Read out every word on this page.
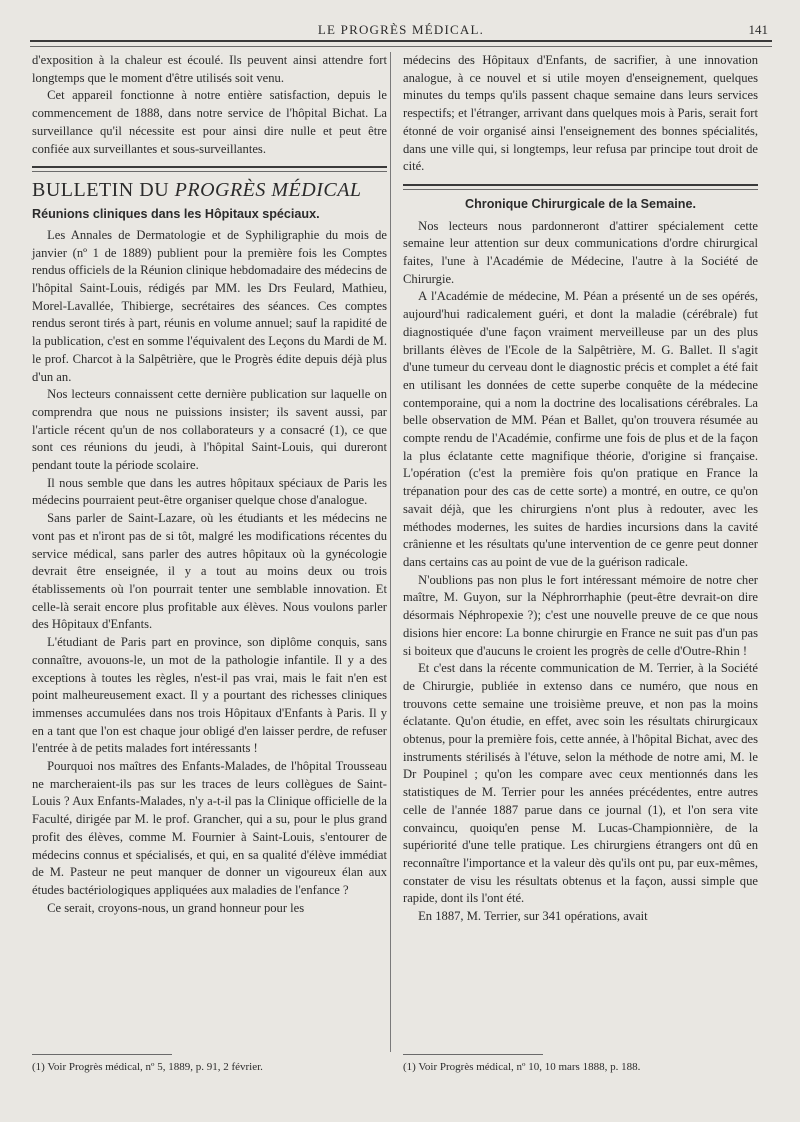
LE PROGRÈS MÉDICAL.	141

d'exposition à la chaleur est écoulé. Ils peuvent ainsi attendre fort longtemps que le moment d'être utilisés soit venu.

Cet appareil fonctionne à notre entière satisfaction, depuis le commencement de 1888, dans notre service de l'hôpital Bichat. La surveillance qu'il nécessite est pour ainsi dire nulle et peut être confiée aux surveillantes et sous-surveillantes.

BULLETIN DU PROGRÈS MÉDICAL
Réunions cliniques dans les Hôpitaux spéciaux.

Les Annales de Dermatologie et de Syphiligraphie du mois de janvier (nº 1 de 1889) publient pour la première fois les Comptes rendus officiels de la Réunion clinique hebdomadaire des médecins de l'hôpital Saint-Louis, rédigés par MM. les Drs Feulard, Mathieu, Morel-Lavallée, Thibierge, secrétaires des séances. Ces comptes rendus seront tirés à part, réunis en volume annuel; sauf la rapidité de la publication, c'est en somme l'équivalent des Leçons du Mardi de M. le prof. Charcot à la Salpêtrière, que le Progrès édite depuis déjà plus d'un an.

Nos lecteurs connaissent cette dernière publication sur laquelle on comprendra que nous ne puissions insister; ils savent aussi, par l'article récent qu'un de nos collaborateurs y a consacré (1), ce que sont ces réunions du jeudi, à l'hôpital Saint-Louis, qui dureront pendant toute la période scolaire.

Il nous semble que dans les autres hôpitaux spéciaux de Paris les médecins pourraient peut-être organiser quelque chose d'analogue.

Sans parler de Saint-Lazare, où les étudiants et les médecins ne vont pas et n'iront pas de si tôt, malgré les modifications récentes du service médical, sans parler des autres hôpitaux où la gynécologie devrait être enseignée, il y a tout au moins deux ou trois établissements où l'on pourrait tenter une semblable innovation. Et celle-là serait encore plus profitable aux élèves. Nous voulons parler des Hôpitaux d'Enfants.

L'étudiant de Paris part en province, son diplôme conquis, sans connaître, avouons-le, un mot de la pathologie infantile. Il y a des exceptions à toutes les règles, n'est-il pas vrai, mais le fait n'en est point malheureusement exact. Il y a pourtant des richesses cliniques immenses accumulées dans nos trois Hôpitaux d'Enfants à Paris. Il y en a tant que l'on est chaque jour obligé d'en laisser perdre, de refuser l'entrée à de petits malades fort intéressants !

Pourquoi nos maîtres des Enfants-Malades, de l'hôpital Trousseau ne marcheraient-ils pas sur les traces de leurs collègues de Saint-Louis ? Aux Enfants-Malades, n'y a-t-il pas la Clinique officielle de la Faculté, dirigée par M. le prof. Grancher, qui a su, pour le plus grand profit des élèves, comme M. Fournier à Saint-Louis, s'entourer de médecins connus et spécialisés, et qui, en sa qualité d'élève immédiat de M. Pasteur ne peut manquer de donner un vigoureux élan aux études bactériologiques appliquées aux maladies de l'enfance ?

Ce serait, croyons-nous, un grand honneur pour les

médecins des Hôpitaux d'Enfants, de sacrifier, à une innovation analogue, à ce nouvel et si utile moyen d'enseignement, quelques minutes du temps qu'ils passent chaque semaine dans leurs services respectifs; et l'étranger, arrivant dans quelques mois à Paris, serait fort étonné de voir organisé ainsi l'enseignement des bonnes spécialités, dans une ville qui, si longtemps, leur refusa par principe tout droit de cité.

Chronique Chirurgicale de la Semaine.

Nos lecteurs nous pardonneront d'attirer spécialement cette semaine leur attention sur deux communications d'ordre chirurgical faites, l'une à l'Académie de Médecine, l'autre à la Société de Chirurgie.

A l'Académie de médecine, M. Péan a présenté un de ses opérés, aujourd'hui radicalement guéri, et dont la maladie (cérébrale) fut diagnostiquée d'une façon vraiment merveilleuse par un des plus brillants élèves de l'Ecole de la Salpêtrière, M. G. Ballet. Il s'agit d'une tumeur du cerveau dont le diagnostic précis et complet a été fait en utilisant les données de cette superbe conquête de la médecine contemporaine, qui a nom la doctrine des localisations cérébrales. La belle observation de MM. Péan et Ballet, qu'on trouvera résumée au compte rendu de l'Académie, confirme une fois de plus et de la façon la plus éclatante cette magnifique théorie, d'origine si française. L'opération (c'est la première fois qu'on pratique en France la trépanation pour des cas de cette sorte) a montré, en outre, ce qu'on savait déjà, que les chirurgiens n'ont plus à redouter, avec les méthodes modernes, les suites de hardies incursions dans la cavité crânienne et les résultats qu'une intervention de ce genre peut donner dans certains cas au point de vue de la guérison radicale.

N'oublions pas non plus le fort intéressant mémoire de notre cher maître, M. Guyon, sur la Néphrorrhaphie (peut-être devrait-on dire désormais Néphropexie ?); c'est une nouvelle preuve de ce que nous disions hier encore: La bonne chirurgie en France ne suit pas d'un pas si boiteux que d'aucuns le croient les progrès de celle d'Outre-Rhin !

Et c'est dans la récente communication de M. Terrier, à la Société de Chirurgie, publiée in extenso dans ce numéro, que nous en trouvons cette semaine une troisième preuve, et non pas la moins éclatante. Qu'on étudie, en effet, avec soin les résultats chirurgicaux obtenus, pour la première fois, cette année, à l'hôpital Bichat, avec des instruments stérilisés à l'étuve, selon la méthode de notre ami, M. le Dr Poupinel ; qu'on les compare avec ceux mentionnés dans les statistiques de M. Terrier pour les années précédentes, entre autres celle de l'année 1887 parue dans ce journal (1), et l'on sera vite convaincu, quoiqu'en pense M. Lucas-Championnière, de la supériorité d'une telle pratique. Les chirurgiens étrangers ont dû en reconnaître l'importance et la valeur dès qu'ils ont pu, par eux-mêmes, constater de visu les résultats obtenus et la façon, aussi simple que rapide, dont ils l'ont été.

En 1887, M. Terrier, sur 341 opérations, avait

(1) Voir Progrès médical, nº 5, 1889, p. 91, 2 février.	(1) Voir Progrès médical, nº 10, 10 mars 1888, p. 188.
